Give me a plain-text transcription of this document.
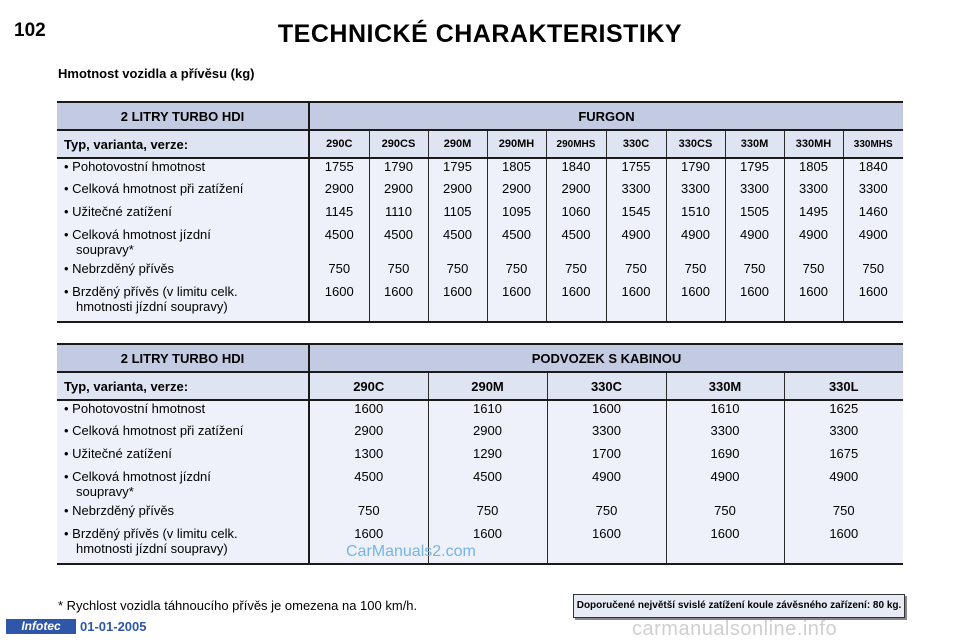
102	TECHNICKÉ CHARAKTERISTIKY
Hmotnost vozidla a přívěsu (kg)
2 LITRY TURBO HDI	FURGON									
Typ, varianta, verze:	290C	290CS	290M	290MH	290MHS	330C	330CS	330M	330MH	330MHS
• Pohotovostní hmotnost	1755	1790	1795	1805	1840	1755	1790	1795	1805	1840
• Celková hmotnost při zatížení	2900	2900	2900	2900	2900	3300	3300	3300	3300	3300
• Užitečné zatížení	1145	1110	1105	1095	1060	1545	1510	1505	1495	1460
• Celková hmotnost jízdní
soupravy*	4500	4500	4500	4500	4500	4900	4900	4900	4900	4900
• Nebrzděný přívěs	750	750	750	750	750	750	750	750	750	750
• Brzděný přívěs (v limitu celk.
hmotnosti jízdní soupravy)	1600	1600	1600	1600	1600	1600	1600	1600	1600	1600
2 LITRY TURBO HDI	PODVOZEK S KABINOU				
Typ, varianta, verze:	290C	290M	330C	330M	330L
• Pohotovostní hmotnost	1600	1610	1600	1610	1625
• Celková hmotnost při zatížení	2900	2900	3300	3300	3300
• Užitečné zatížení	1300	1290	1700	1690	1675
• Celková hmotnost jízdní
soupravy*	4500	4500	4900	4900	4900
• Nebrzděný přívěs	750	750	750	750	750
• Brzděný přívěs (v limitu celk.
hmotnosti jízdní soupravy)	1600	1600	1600	1600	1600
CarManuals2.com
* Rychlost vozidla táhnoucího přívěs je omezena na 100 km/h.	Doporučené největší svislé zatížení koule závěsného zařízení: 80 kg.
Infotec	01-01-2005	carmanualsonline.info
